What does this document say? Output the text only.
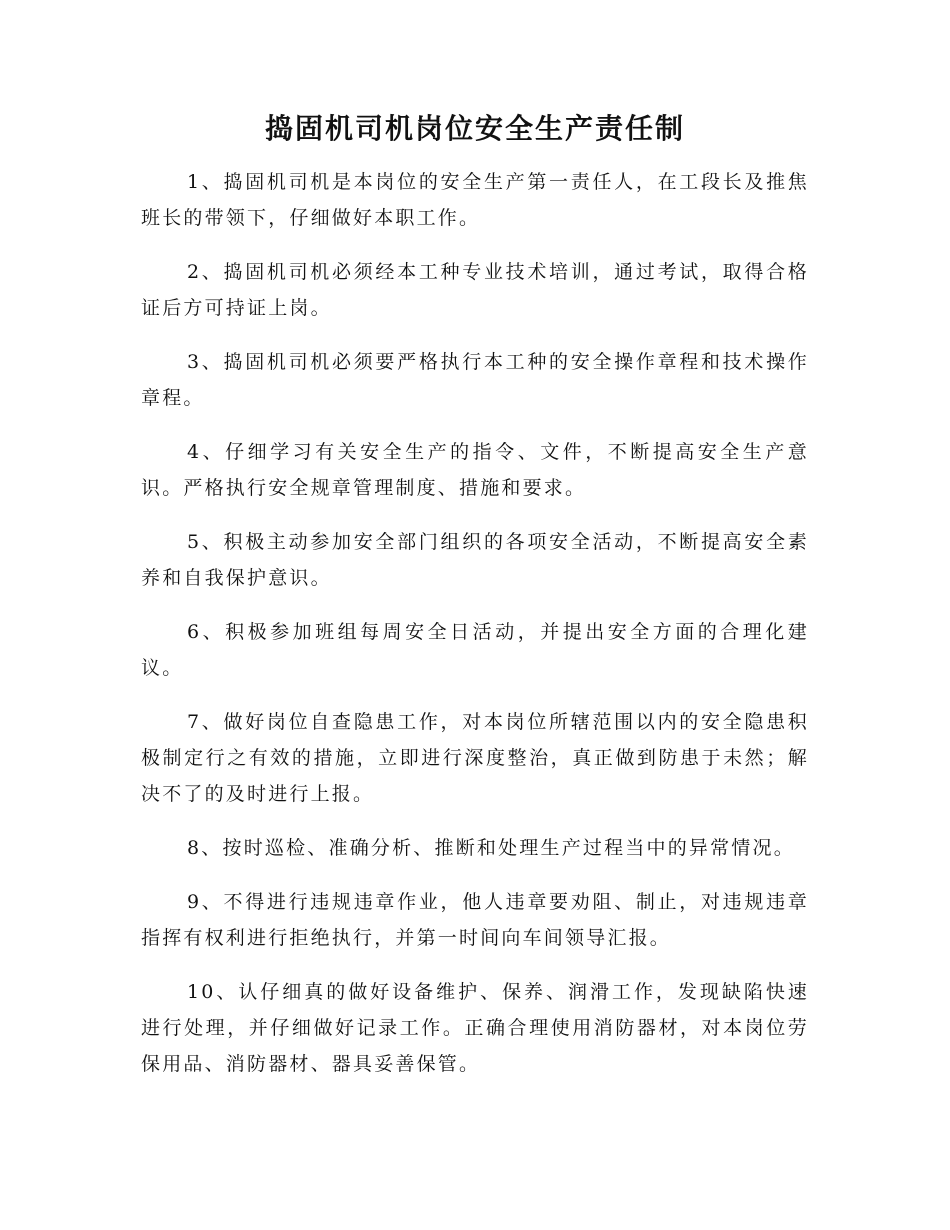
捣固机司机岗位安全生产责任制

1、捣固机司机是本岗位的安全生产第一责任人，在工段长及推焦班长的带领下，仔细做好本职工作。

2、捣固机司机必须经本工种专业技术培训，通过考试，取得合格证后方可持证上岗。

3、捣固机司机必须要严格执行本工种的安全操作章程和技术操作章程。

4、仔细学习有关安全生产的指令、文件，不断提高安全生产意识。严格执行安全规章管理制度、措施和要求。

5、积极主动参加安全部门组织的各项安全活动，不断提高安全素养和自我保护意识。

6、积极参加班组每周安全日活动，并提出安全方面的合理化建议。

7、做好岗位自查隐患工作，对本岗位所辖范围以内的安全隐患积极制定行之有效的措施，立即进行深度整治，真正做到防患于未然；解决不了的及时进行上报。

8、按时巡检、准确分析、推断和处理生产过程当中的异常情况。

9、不得进行违规违章作业，他人违章要劝阻、制止，对违规违章指挥有权利进行拒绝执行，并第一时间向车间领导汇报。

10、认仔细真的做好设备维护、保养、润滑工作，发现缺陷快速进行处理，并仔细做好记录工作。正确合理使用消防器材，对本岗位劳保用品、消防器材、器具妥善保管。
